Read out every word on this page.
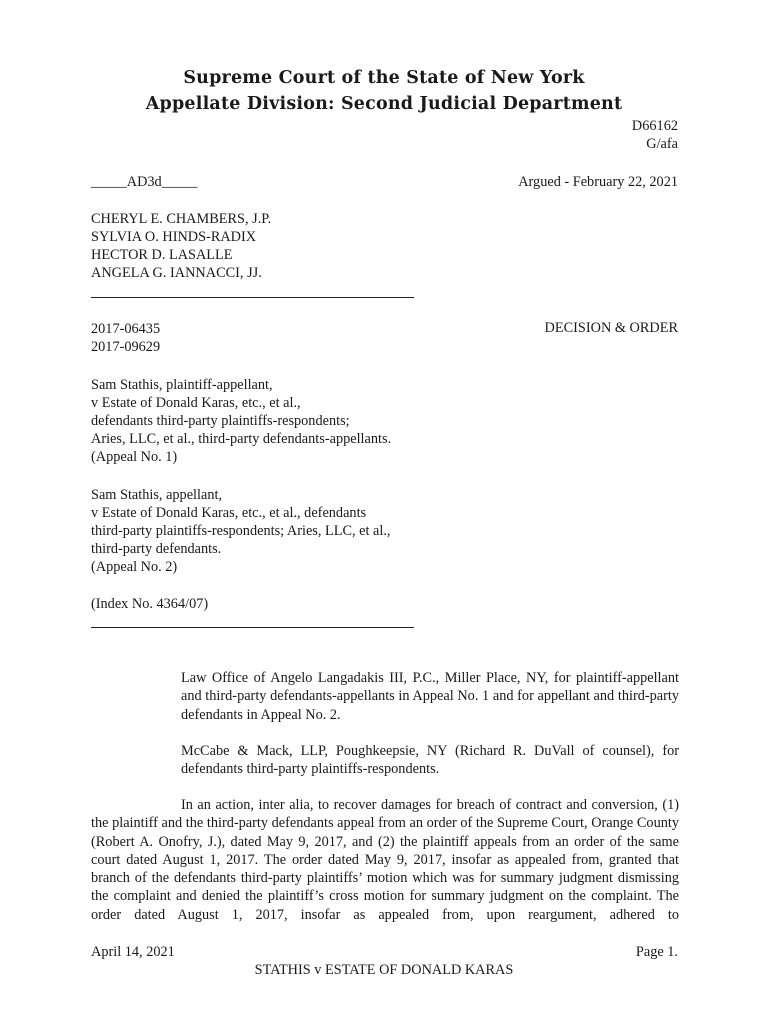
Supreme Court of the State of New York
Appellate Division: Second Judicial Department
D66162
G/afa
_____AD3d_____	Argued - February 22, 2021
CHERYL E. CHAMBERS, J.P.
SYLVIA O. HINDS-RADIX
HECTOR D. LASALLE
ANGELA G. IANNACCI, JJ.
2017-06435
2017-09629
DECISION & ORDER
Sam Stathis, plaintiff-appellant,
v Estate of Donald Karas, etc., et al.,
defendants third-party plaintiffs-respondents;
Aries, LLC, et al., third-party defendants-appellants.
(Appeal No. 1)
Sam Stathis, appellant,
v Estate of Donald Karas, etc., et al., defendants
third-party plaintiffs-respondents; Aries, LLC, et al.,
third-party defendants.
(Appeal No. 2)
(Index No. 4364/07)
Law Office of Angelo Langadakis III, P.C., Miller Place, NY, for plaintiff-appellant and third-party defendants-appellants in Appeal No. 1 and for appellant and third-party defendants in Appeal No. 2.
McCabe & Mack, LLP, Poughkeepsie, NY (Richard R. DuVall of counsel), for defendants third-party plaintiffs-respondents.
In an action, inter alia, to recover damages for breach of contract and conversion, (1) the plaintiff and the third-party defendants appeal from an order of the Supreme Court, Orange County (Robert A. Onofry, J.), dated May 9, 2017, and (2) the plaintiff appeals from an order of the same court dated August 1, 2017. The order dated May 9, 2017, insofar as appealed from, granted that branch of the defendants third-party plaintiffs’ motion which was for summary judgment dismissing the complaint and denied the plaintiff’s cross motion for summary judgment on the complaint. The order dated August 1, 2017, insofar as appealed from, upon reargument, adhered to
April 14, 2021	Page 1.
STATHIS v ESTATE OF DONALD KARAS
